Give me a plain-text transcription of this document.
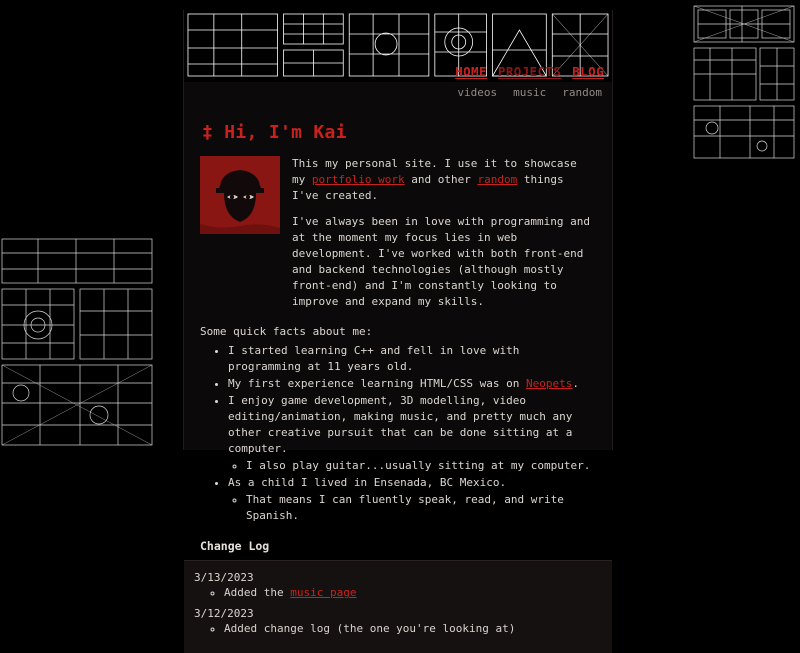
HOME PROJECTS BLOG
videos music random
‡ Hi, I'm Kai

This my personal site. I use it to showcase my portfolio work and other random things I've created.

I've always been in love with programming and at the moment my focus lies in web development. I've worked with both front-end and backend technologies (although mostly front-end) and I'm constantly looking to improve and expand my skills.

Some quick facts about me:

• I started learning C++ and fell in love with programming at 11 years old.
• My first experience learning HTML/CSS was on Neopets.
• I enjoy game development, 3D modelling, video editing/animation, making music, and pretty much any other creative pursuit that can be done sitting at a computer.
◦ I also play guitar...usually sitting at my computer.
• As a child I lived in Ensenada, BC Mexico.
◦ That means I can fluently speak, read, and write Spanish.
Change Log
3/13/2023
◦ Added the music page
3/12/2023
◦ Added change log (the one you're looking at)
